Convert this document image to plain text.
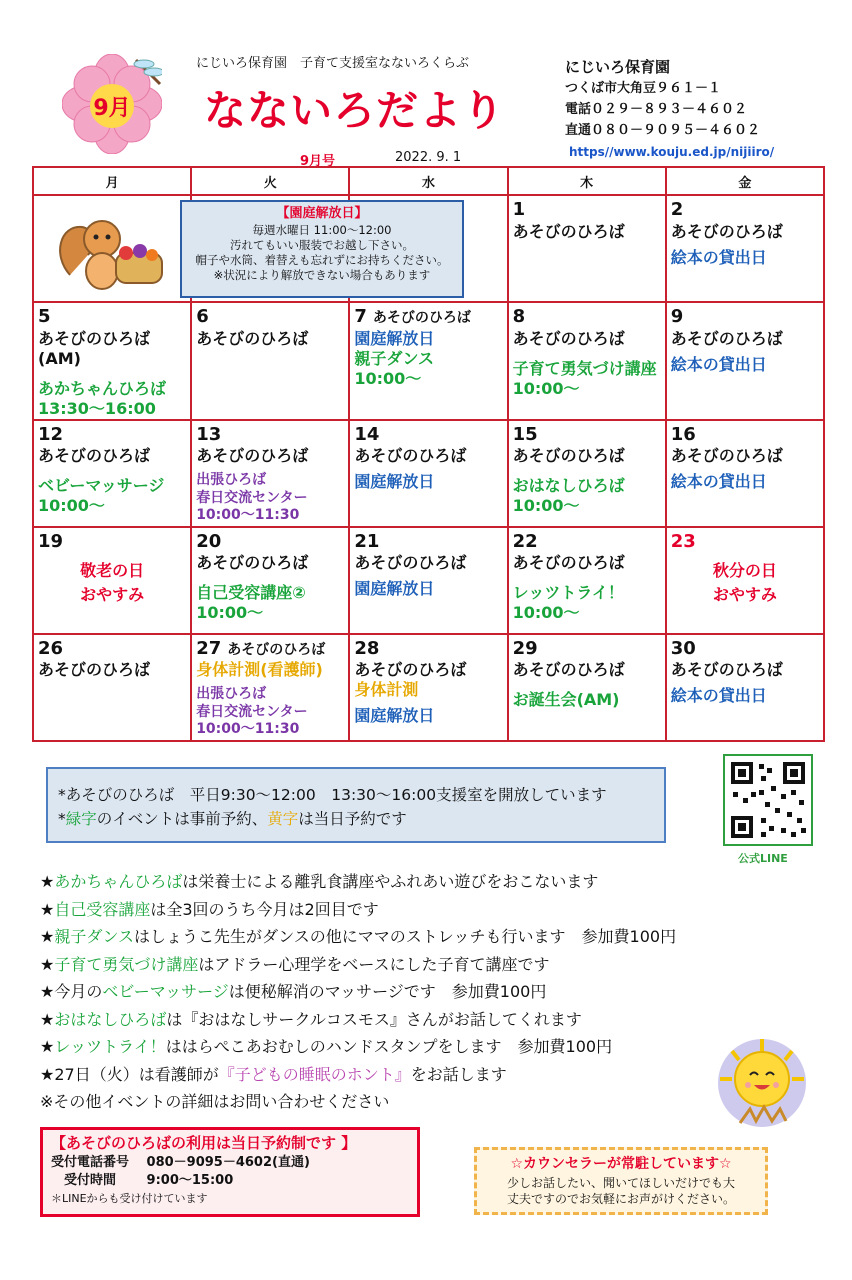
9月
にじいろ保育園　子育て支援室なないろくらぶ
なないろだより
9月号	2022. 9. 1
にじいろ保育園
つくば市大角豆９６１－１
電話０２９－８９３－４６０２
直通０８０－９０９５－４６０２
https//www.kouju.ed.jp/nijiiro/
月	火	水	木	金

			1
あそびのひろば	2
あそびのひろば
絵本の貸出日

5
あそびのひろば(AM)
あかちゃんひろば
13:30～16:00	6
あそびのひろば	7 あそびのひろば
園庭解放日
親子ダンス
10:00～	8
あそびのひろば
子育て勇気づけ講座
10:00～	9
あそびのひろば
絵本の貸出日

12
あそびのひろば
ベビーマッサージ
10:00～	13
あそびのひろば
出張ひろば
春日交流センター
10:00～11:30	14
あそびのひろば
園庭解放日	15
あそびのひろば
おはなしひろば
10:00～	16
あそびのひろば
絵本の貸出日

19
敬老の日
おやすみ	20
あそびのひろば
自己受容講座②
10:00～	21
あそびのひろば
園庭解放日	22
あそびのひろば
レッツトライ！
10:00～	23
秋分の日
おやすみ

26
あそびのひろば	27 あそびのひろば
身体計測(看護師)
出張ひろば
春日交流センター
10:00～11:30	28
あそびのひろば
身体計測
園庭解放日	29
あそびのひろば
お誕生会(AM)	30
あそびのひろば
絵本の貸出日
【園庭解放日】
毎週水曜日 11:00～12:00
汚れてもいい服装でお越し下さい。
帽子や水筒、着替えも忘れずにお持ちください。
※状況により解放できない場合もあります
*あそびのひろば　平日9:30～12:00　13:30～16:00支援室を開放しています
*緑字のイベントは事前予約、黄字は当日予約です
公式LINE
★あかちゃんひろばは栄養士による離乳食講座やふれあい遊びをおこないます
★自己受容講座は全3回のうち今月は2回目です
★親子ダンスはしょうこ先生がダンスの他にママのストレッチも行います　参加費100円
★子育て勇気づけ講座はアドラー心理学をベースにした子育て講座です
★今月のベビーマッサージは便秘解消のマッサージです　参加費100円
★おはなしひろばは『おはなしサークルコスモス』さんがお話してくれます
★レッツトライ！ははらぺこあおむしのハンドスタンプをします　参加費100円
★27日（火）は看護師が『子どもの睡眠のホント』をお話します
※その他イベントの詳細はお問い合わせください
【あそびのひろばの利用は当日予約制です 】
受付電話番号　 080－9095－4602(直通)
　受付時間　　 9:00～15:00
＊LINEからも受け付けています
☆カウンセラーが常駐しています☆
少しお話したい、聞いてほしいだけでも大
丈夫ですのでお気軽にお声がけください。
